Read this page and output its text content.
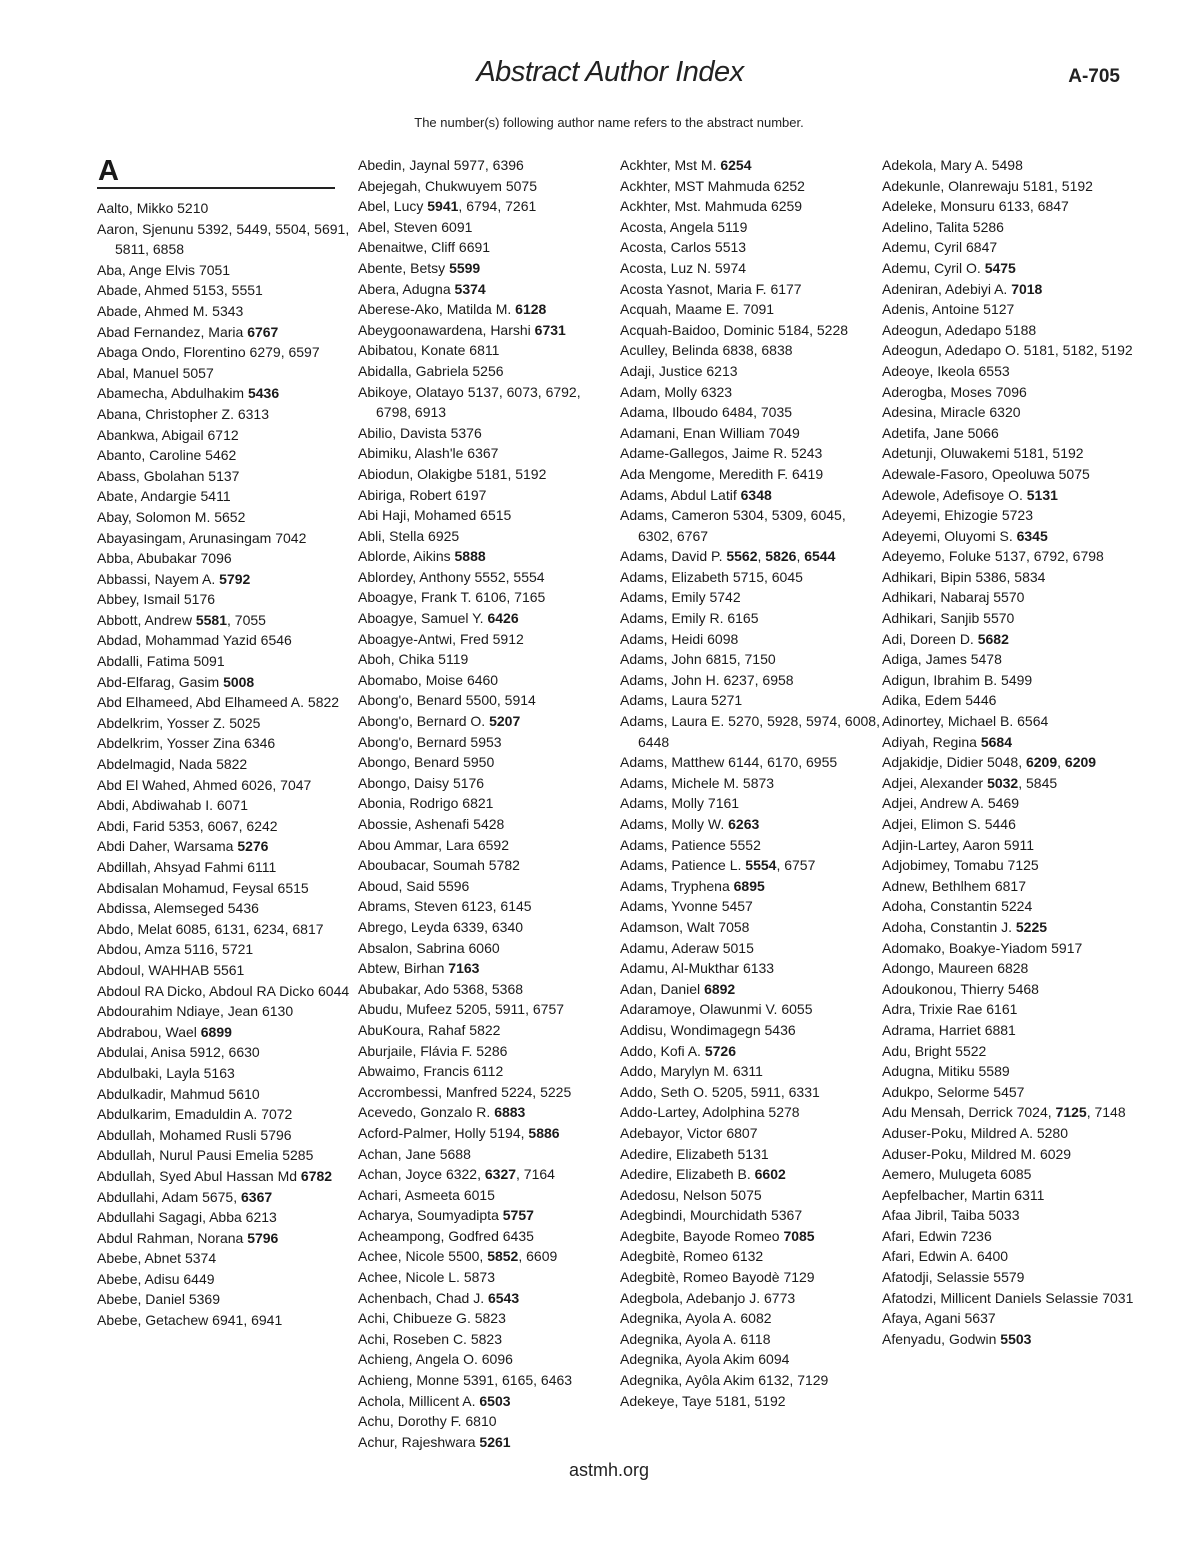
Abstract Author Index	A-705
The number(s) following author name refers to the abstract number.
A
Aalto, Mikko 5210
Aaron, Sjenunu 5392, 5449, 5504, 5691, 5811, 6858
Aba, Ange Elvis 7051
Abade, Ahmed 5153, 5551
Abade, Ahmed M. 5343
Abad Fernandez, Maria 6767
Abaga Ondo, Florentino 6279, 6597
Abal, Manuel 5057
Abamecha, Abdulhakim 5436
Abana, Christopher Z. 6313
Abankwa, Abigail 6712
Abanto, Caroline 5462
Abass, Gbolahan 5137
Abate, Andargie 5411
Abay, Solomon M. 5652
Abayasingam, Arunasingam 7042
Abba, Abubakar 7096
Abbassi, Nayem A. 5792
Abbey, Ismail 5176
Abbott, Andrew 5581, 7055
Abdad, Mohammad Yazid 6546
Abdalli, Fatima 5091
Abd-Elfarag, Gasim 5008
Abd Elhameed, Abd Elhameed A. 5822
Abdelkrim, Yosser Z. 5025
Abdelkrim, Yosser Zina 6346
Abdelmagid, Nada 5822
Abd El Wahed, Ahmed 6026, 7047
Abdi, Abdiwahab I. 6071
Abdi, Farid 5353, 6067, 6242
Abdi Daher, Warsama 5276
Abdillah, Ahsyad Fahmi 6111
Abdisalan Mohamud, Feysal 6515
Abdissa, Alemseged 5436
Abdo, Melat 6085, 6131, 6234, 6817
Abdou, Amza 5116, 5721
Abdoul, WAHHAB 5561
Abdoul RA Dicko, Abdoul RA Dicko 6044
Abdourahim Ndiaye, Jean 6130
Abdrabou, Wael 6899
Abdulai, Anisa 5912, 6630
Abdulbaki, Layla 5163
Abdulkadir, Mahmud 5610
Abdulkarim, Emaduldin A. 7072
Abdullah, Mohamed Rusli 5796
Abdullah, Nurul Pausi Emelia 5285
Abdullah, Syed Abul Hassan Md 6782
Abdullahi, Adam 5675, 6367
Abdullahi Sagagi, Abba 6213
Abdul Rahman, Norana 5796
Abebe, Abnet 5374
Abebe, Adisu 6449
Abebe, Daniel 5369
Abebe, Getachew 6941, 6941
Abedin, Jaynal 5977, 6396
Abejegah, Chukwuyem 5075
Abel, Lucy 5941, 6794, 7261
Abel, Steven 6091
Abenaitwe, Cliff 6691
Abente, Betsy 5599
Abera, Adugna 5374
Aberese-Ako, Matilda M. 6128
Abeygoonawardena, Harshi 6731
Abibatou, Konate 6811
Abidalla, Gabriela 5256
Abikoye, Olatayo 5137, 6073, 6792, 6798, 6913
Abilio, Davista 5376
Abimiku, Alash'le 6367
Abiodun, Olakigbe 5181, 5192
Abiriga, Robert 6197
Abi Haji, Mohamed 6515
Abli, Stella 6925
Ablorde, Aikins 5888
Ablordey, Anthony 5552, 5554
Aboagye, Frank T. 6106, 7165
Aboagye, Samuel Y. 6426
Aboagye-Antwi, Fred 5912
Aboh, Chika 5119
Abomabo, Moise 6460
Abong'o, Benard 5500, 5914
Abong'o, Bernard O. 5207
Abong'o, Bernard 5953
Abongo, Benard 5950
Abongo, Daisy 5176
Abonia, Rodrigo 6821
Abossie, Ashenafi 5428
Abou Ammar, Lara 6592
Aboubacar, Soumah 5782
Aboud, Said 5596
Abrams, Steven 6123, 6145
Abrego, Leyda 6339, 6340
Absalon, Sabrina 6060
Abtew, Birhan 7163
Abubakar, Ado 5368, 5368
Abudu, Mufeez 5205, 5911, 6757
AbuKoura, Rahaf 5822
Aburjaile, Flávia F. 5286
Abwaimo, Francis 6112
Accrombessi, Manfred 5224, 5225
Acevedo, Gonzalo R. 6883
Acford-Palmer, Holly 5194, 5886
Achan, Jane 5688
Achan, Joyce 6322, 6327, 7164
Achari, Asmeeta 6015
Acharya, Soumyadipta 5757
Acheampong, Godfred 6435
Achee, Nicole 5500, 5852, 6609
Achee, Nicole L. 5873
Achenbach, Chad J. 6543
Achi, Chibueze G. 5823
Achi, Roseben C. 5823
Achieng, Angela O. 6096
Achieng, Monne 5391, 6165, 6463
Achola, Millicent A. 6503
Achu, Dorothy F. 6810
Achur, Rajeshwara 5261
Ackhter, Mst M. 6254
Ackhter, MST Mahmuda 6252
Ackhter, Mst. Mahmuda 6259
Acosta, Angela 5119
Acosta, Carlos 5513
Acosta, Luz N. 5974
Acosta Yasnot, Maria F. 6177
Acquah, Maame E. 7091
Acquah-Baidoo, Dominic 5184, 5228
Aculley, Belinda 6838, 6838
Adaji, Justice 6213
Adam, Molly 6323
Adama, Ilboudo 6484, 7035
Adamani, Enan William 7049
Adame-Gallegos, Jaime R. 5243
Ada Mengome, Meredith F. 6419
Adams, Abdul Latif 6348
Adams, Cameron 5304, 5309, 6045, 6302, 6767
Adams, David P. 5562, 5826, 6544
Adams, Elizabeth 5715, 6045
Adams, Emily 5742
Adams, Emily R. 6165
Adams, Heidi 6098
Adams, John 6815, 7150
Adams, John H. 6237, 6958
Adams, Laura 5271
Adams, Laura E. 5270, 5928, 5974, 6008, 6448
Adams, Matthew 6144, 6170, 6955
Adams, Michele M. 5873
Adams, Molly 7161
Adams, Molly W. 6263
Adams, Patience 5552
Adams, Patience L. 5554, 6757
Adams, Tryphena 6895
Adams, Yvonne 5457
Adamson, Walt 7058
Adamu, Aderaw 5015
Adamu, Al-Mukthar 6133
Adan, Daniel 6892
Adaramoye, Olawunmi V. 6055
Addisu, Wondimagegn 5436
Addo, Kofi A. 5726
Addo, Marylyn M. 6311
Addo, Seth O. 5205, 5911, 6331
Addo-Lartey, Adolphina 5278
Adebayor, Victor 6807
Adedire, Elizabeth 5131
Adedire, Elizabeth B. 6602
Adedosu, Nelson 5075
Adegbindi, Mourchidath 5367
Adegbite, Bayode Romeo 7085
Adegbitè, Romeo 6132
Adegbitè, Romeo Bayodè 7129
Adegbola, Adebanjo J. 6773
Adegnika, Ayola A. 6082
Adegnika, Ayola A. 6118
Adegnika, Ayola Akim 6094
Adegnika, Ayôla Akim 6132, 7129
Adekeye, Taye 5181, 5192
Adekola, Mary A. 5498
Adekunle, Olanrewaju 5181, 5192
Adeleke, Monsuru 6133, 6847
Adelino, Talita 5286
Ademu, Cyril 6847
Ademu, Cyril O. 5475
Adeniran, Adebiyi A. 7018
Adenis, Antoine 5127
Adeogun, Adedapo 5188
Adeogun, Adedapo O. 5181, 5182, 5192
Adeoye, Ikeola 6553
Aderogba, Moses 7096
Adesina, Miracle 6320
Adetifa, Jane 5066
Adetunji, Oluwakemi 5181, 5192
Adewale-Fasoro, Opeoluwa 5075
Adewole, Adefisoye O. 5131
Adeyemi, Ehizogie 5723
Adeyemi, Oluyomi S. 6345
Adeyemo, Foluke 5137, 6792, 6798
Adhikari, Bipin 5386, 5834
Adhikari, Nabaraj 5570
Adhikari, Sanjib 5570
Adi, Doreen D. 5682
Adiga, James 5478
Adigun, Ibrahim B. 5499
Adika, Edem 5446
Adinortey, Michael B. 6564
Adiyah, Regina 5684
Adjakidje, Didier 5048, 6209, 6209
Adjei, Alexander 5032, 5845
Adjei, Andrew A. 5469
Adjei, Elimon S. 5446
Adjin-Lartey, Aaron 5911
Adjobimey, Tomabu 7125
Adnew, Bethlhem 6817
Adoha, Constantin 5224
Adoha, Constantin J. 5225
Adomako, Boakye-Yiadom 5917
Adongo, Maureen 6828
Adoukonou, Thierry 5468
Adra, Trixie Rae 6161
Adrama, Harriet 6881
Adu, Bright 5522
Adugna, Mitiku 5589
Adukpo, Selorme 5457
Adu Mensah, Derrick 7024, 7125, 7148
Aduser-Poku, Mildred A. 5280
Aduser-Poku, Mildred M. 6029
Aemero, Mulugeta 6085
Aepfelbacher, Martin 6311
Afaa Jibril, Taiba 5033
Afari, Edwin 7236
Afari, Edwin A. 6400
Afatodji, Selassie 5579
Afatodzi, Millicent Daniels Selassie 7031
Afaya, Agani 5637
Afenyadu, Godwin 5503
astmh.org
